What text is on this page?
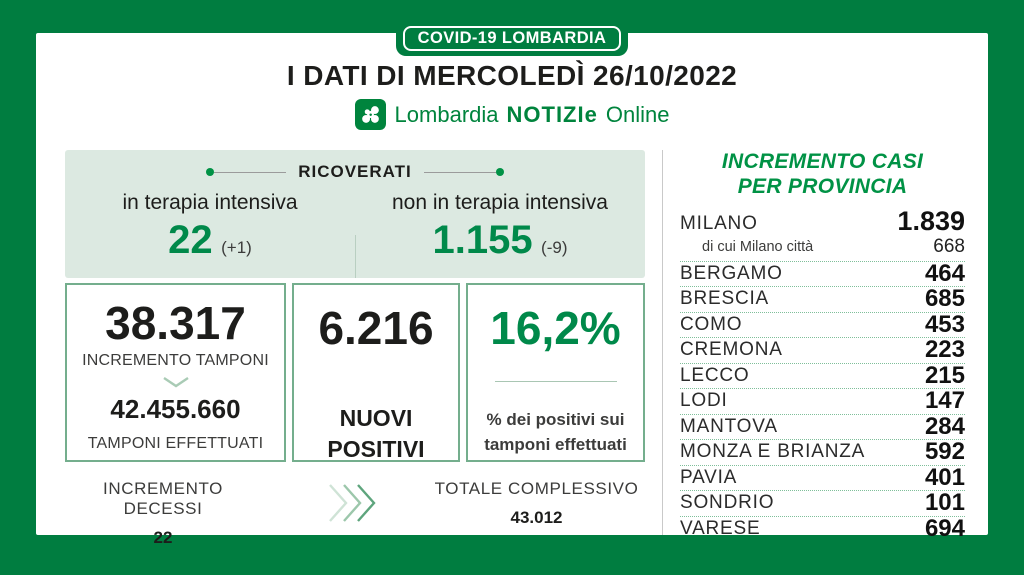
COVID-19 LOMBARDIA
I DATI DI MERCOLEDÌ 26/10/2022
Lombardia NOTIZIe Online
RICOVERATI
in terapia intensiva
22 (+1)
non in terapia intensiva
1.155 (-9)
38.317
INCREMENTO TAMPONI
42.455.660
TAMPONI EFFETTUATI
6.216
NUOVI POSITIVI
16,2%
% dei positivi sui tamponi effettuati
INCREMENTO DECESSI
22
TOTALE COMPLESSIVO
43.012
INCREMENTO CASI
PER PROVINCIA
MILANO	1.839
di cui Milano città	668
BERGAMO	464
BRESCIA	685
COMO	453
CREMONA	223
LECCO	215
LODI	147
MANTOVA	284
MONZA E BRIANZA 592
PAVIA	401
SONDRIO	101
VARESE	694
